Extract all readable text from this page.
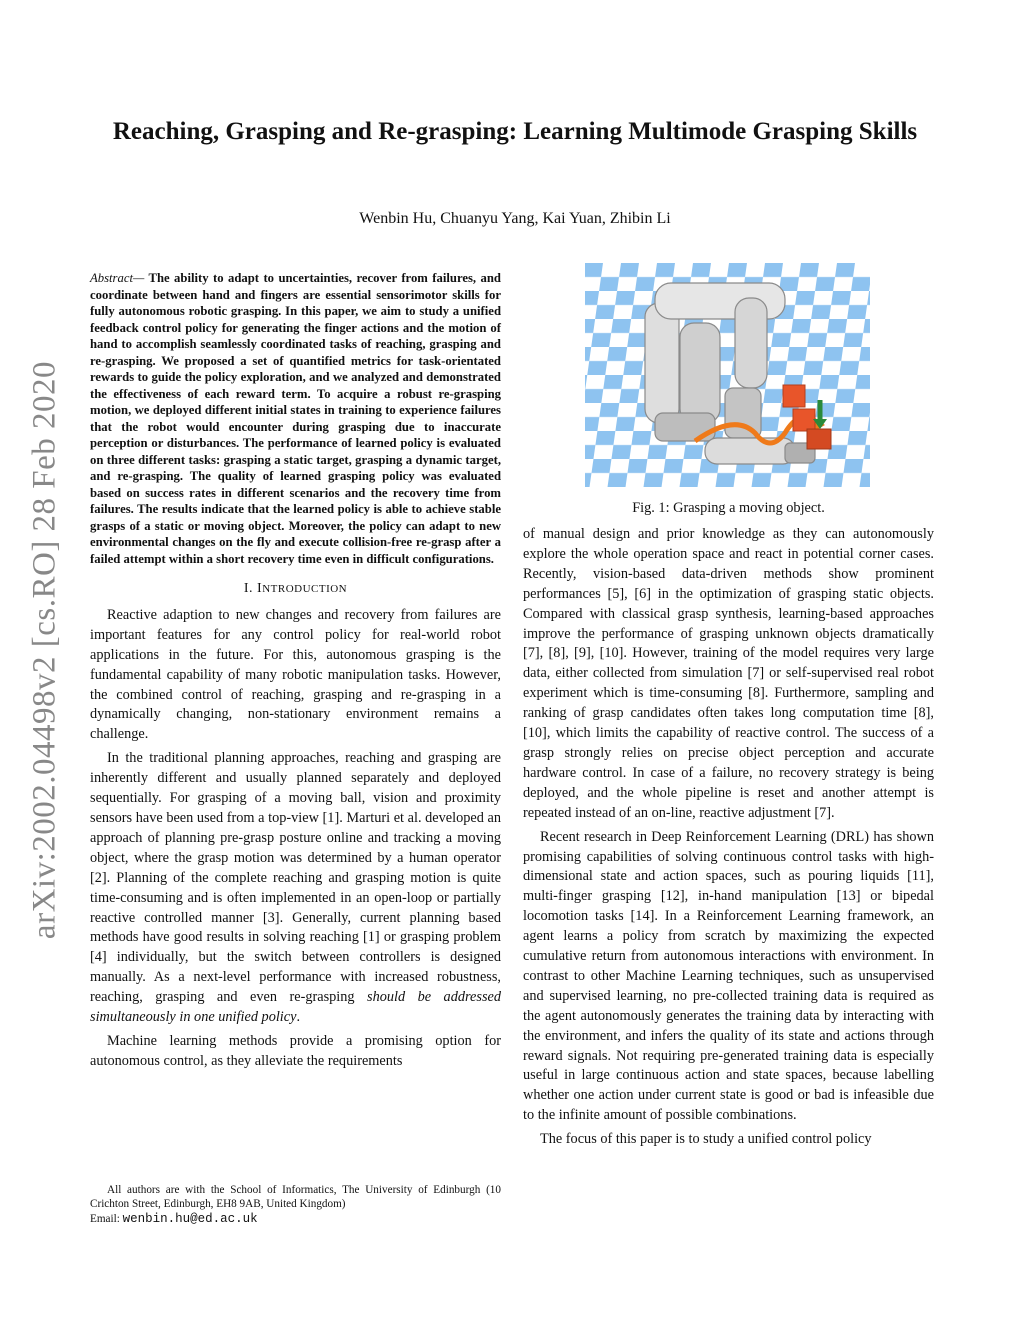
arXiv:2002.04498v2 [cs.RO] 28 Feb 2020
Reaching, Grasping and Re-grasping: Learning Multimode Grasping Skills
Wenbin Hu, Chuanyu Yang, Kai Yuan, Zhibin Li
Abstract— The ability to adapt to uncertainties, recover from failures, and coordinate between hand and fingers are essential sensorimotor skills for fully autonomous robotic grasping. In this paper, we aim to study a unified feedback control policy for generating the finger actions and the motion of hand to accomplish seamlessly coordinated tasks of reaching, grasping and re-grasping. We proposed a set of quantified metrics for task-orientated rewards to guide the policy exploration, and we analyzed and demonstrated the effectiveness of each reward term. To acquire a robust re-grasping motion, we deployed different initial states in training to experience failures that the robot would encounter during grasping due to inaccurate perception or disturbances. The performance of learned policy is evaluated on three different tasks: grasping a static target, grasping a dynamic target, and re-grasping. The quality of learned grasping policy was evaluated based on success rates in different scenarios and the recovery time from failures. The results indicate that the learned policy is able to achieve stable grasps of a static or moving object. Moreover, the policy can adapt to new environmental changes on the fly and execute collision-free re-grasp after a failed attempt within a short recovery time even in difficult configurations.
I. INTRODUCTION

Reactive adaption to new changes and recovery from failures are important features for any control policy for real-world robot applications in the future. For this, autonomous grasping is the fundamental capability of many robotic manipulation tasks. However, the combined control of reaching, grasping and re-grasping in a dynamically changing, non-stationary environment remains a challenge.

In the traditional planning approaches, reaching and grasping are inherently different and usually planned separately and deployed sequentially. For grasping of a moving ball, vision and proximity sensors have been used from a top-view [1]. Marturi et al. developed an approach of planning pre-grasp posture online and tracking a moving object, where the grasp motion was determined by a human operator [2]. Planning of the complete reaching and grasping motion is quite time-consuming and is often implemented in an open-loop or partially reactive controlled manner [3]. Generally, current planning based methods have good results in solving reaching [1] or grasping problem [4] individually, but the switch between controllers is designed manually. As a next-level performance with increased robustness, reaching, grasping and even re-grasping should be addressed simultaneously in one unified policy.

Machine learning methods provide a promising option for autonomous control, as they alleviate the requirements

All authors are with the School of Informatics, The University of Edinburgh (10 Crichton Street, Edinburgh, EH8 9AB, United Kingdom)

Email: wenbin.hu@ed.ac.uk
Fig. 1: Grasping a moving object.

of manual design and prior knowledge as they can autonomously explore the whole operation space and react in potential corner cases. Recently, vision-based data-driven methods show prominent performances [5], [6] in the optimization of grasping static objects. Compared with classical grasp synthesis, learning-based approaches improve the performance of grasping unknown objects dramatically [7], [8], [9], [10]. However, training of the model requires very large data, either collected from simulation [7] or self-supervised real robot experiment which is time-consuming [8]. Furthermore, sampling and ranking of grasp candidates often takes long computation time [8], [10], which limits the capability of reactive control. The success of a grasp strongly relies on precise object perception and accurate hardware control. In case of a failure, no recovery strategy is being deployed, and the whole pipeline is reset and another attempt is repeated instead of an on-line, reactive adjustment [7].

Recent research in Deep Reinforcement Learning (DRL) has shown promising capabilities of solving continuous control tasks with high-dimensional state and action spaces, such as pouring liquids [11], multi-finger grasping [12], in-hand manipulation [13] or bipedal locomotion tasks [14]. In a Reinforcement Learning framework, an agent learns a policy from scratch by maximizing the expected cumulative return from autonomous interactions with environment. In contrast to other Machine Learning techniques, such as unsupervised and supervised learning, no pre-collected training data is required as the agent autonomously generates the training data by interacting with the environment, and infers the quality of its state and actions through reward signals. Not requiring pre-generated training data is especially useful in large continuous action and state spaces, because labelling whether one action under current state is good or bad is infeasible due to the infinite amount of possible combinations.

The focus of this paper is to study a unified control policy
